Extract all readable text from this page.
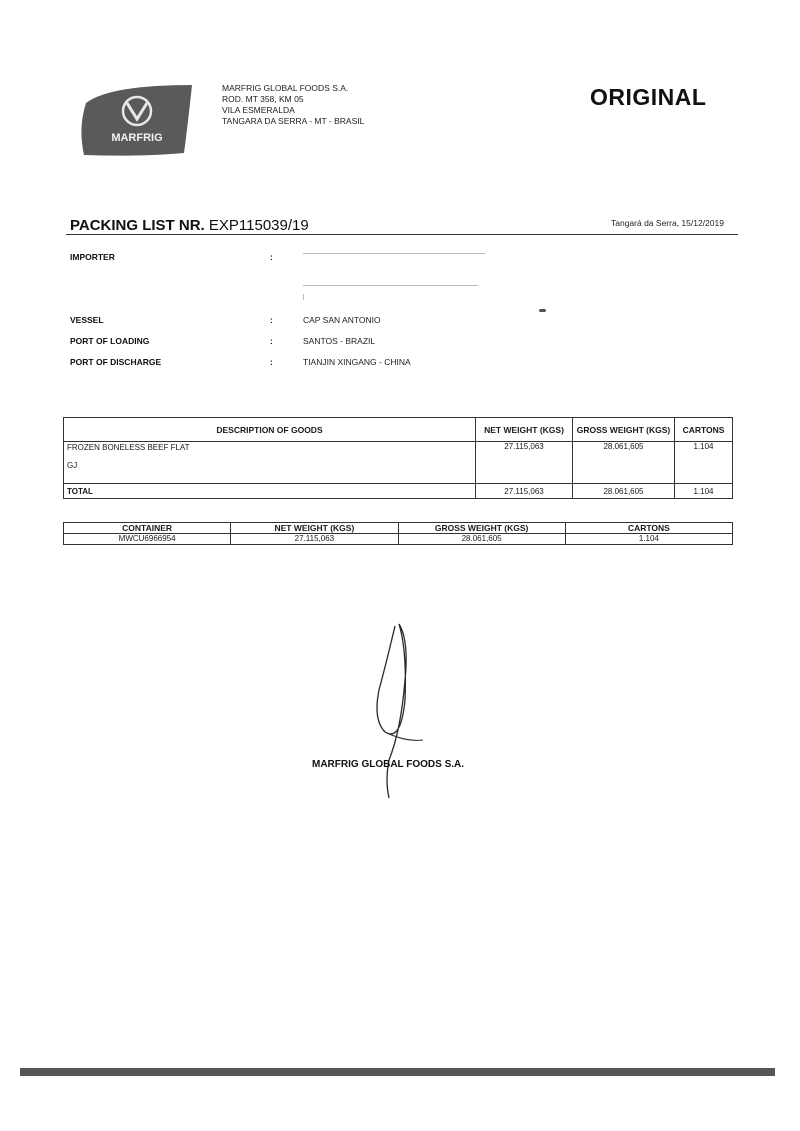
MARFRIG
MARFRIG GLOBAL FOODS S.A.
ROD. MT 358, KM 05
VILA ESMERALDA
TANGARA DA SERRA - MT - BRASIL
ORIGINAL
PACKING LIST NR. EXP115039/19	Tangará da Serra, 15/12/2019
IMPORTER	:
VESSEL	:	CAP SAN ANTONIO
PORT OF LOADING	:	SANTOS - BRAZIL
PORT OF DISCHARGE	:	TIANJIN XINGANG - CHINA
DESCRIPTION OF GOODS	NET WEIGHT (KGS)	GROSS WEIGHT (KGS)	CARTONS

FROZEN BONELESS BEEF FLAT
GJ	27.115,063	28.061,605	1.104
TOTAL	27.115,063	28.061,605	1.104
CONTAINER	NET WEIGHT (KGS)	GROSS WEIGHT (KGS)	CARTONS
MWCU6966954	27.115,063	28.061,605	1.104
MARFRIG GLOBAL FOODS S.A.
